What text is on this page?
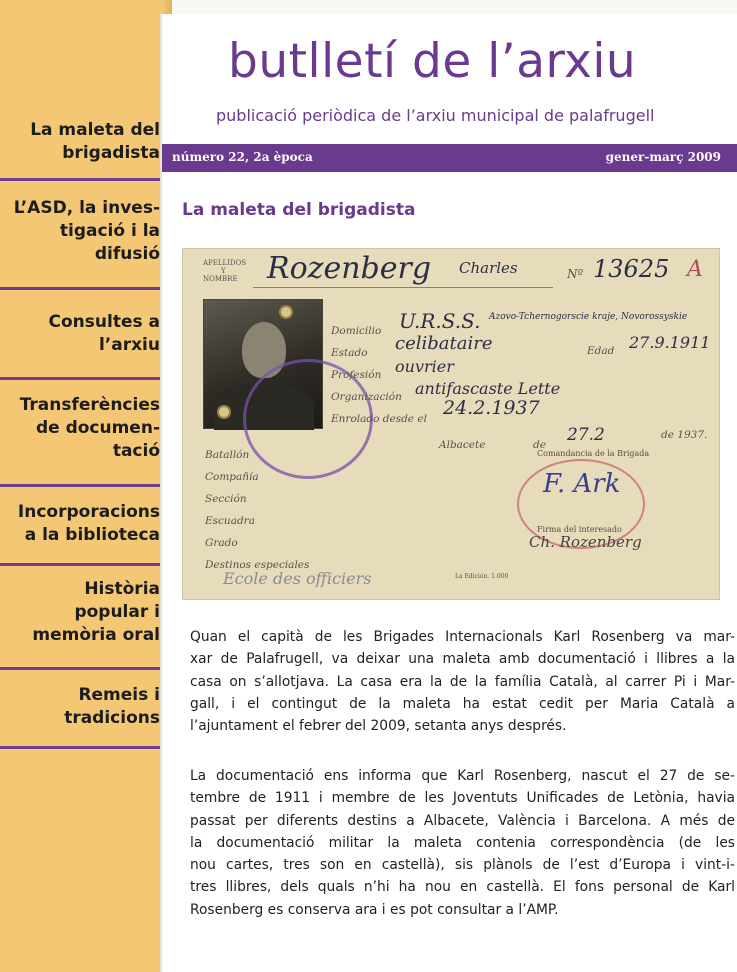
La maleta del
brigadista
L’ASD, la inves-
tigació i la
difusió
Consultes a
l’arxiu
Transferències
de documen-
tació
Incorporacions
a la biblioteca
Història
popular i
memòria oral
Remeis i
tradicions
butlletí de l’arxiu
publicació periòdica de l’arxiu municipal de palafrugell
número 22, 2a època	gener-març 2009
La maleta del brigadista
APELLIDOS
Y
NOMBRE Rozenberg Charles	Nº 13625 A
Domicilio U.R.S.S. Azovo-Tchernogorscie kraje, Novorossyskie
Estado celibataire	Edad 27.9.1911
Profesión ouvrier
Organización antifascaste Lette
Enrolado desde el 24.2.1937
Albacete	de 27.2	de 1937.
Batallón
Compañía
Sección
Escuadra
Grado
Destinos especiales
Ecole des officiers	La Edición. 1.000
Comandancia de la Brigada
F. Ark
Firma del interesado
Ch. Rozenberg
Quan el capità de les Brigades Internacionals Karl Rosenberg va mar-
xar de Palafrugell, va deixar una maleta amb documentació i llibres a la
casa on s’allotjava. La casa era la de la família Català, al carrer Pi i Mar-
gall, i el contingut de la maleta ha estat cedit per Maria Català a
l’ajuntament el febrer del 2009, setanta anys després.
La documentació ens informa que Karl Rosenberg, nascut el 27 de se-
tembre de 1911 i membre de les Joventuts Unificades de Letònia, havia
passat per diferents destins a Albacete, València i Barcelona. A més de
la documentació militar la maleta contenia correspondència (de les
nou cartes, tres son en castellà), sis plànols de l’est d’Europa i vint-i-
tres llibres, dels quals n’hi ha nou en castellà. El fons personal de Karl
Rosenberg es conserva ara i es pot consultar a l’AMP.
